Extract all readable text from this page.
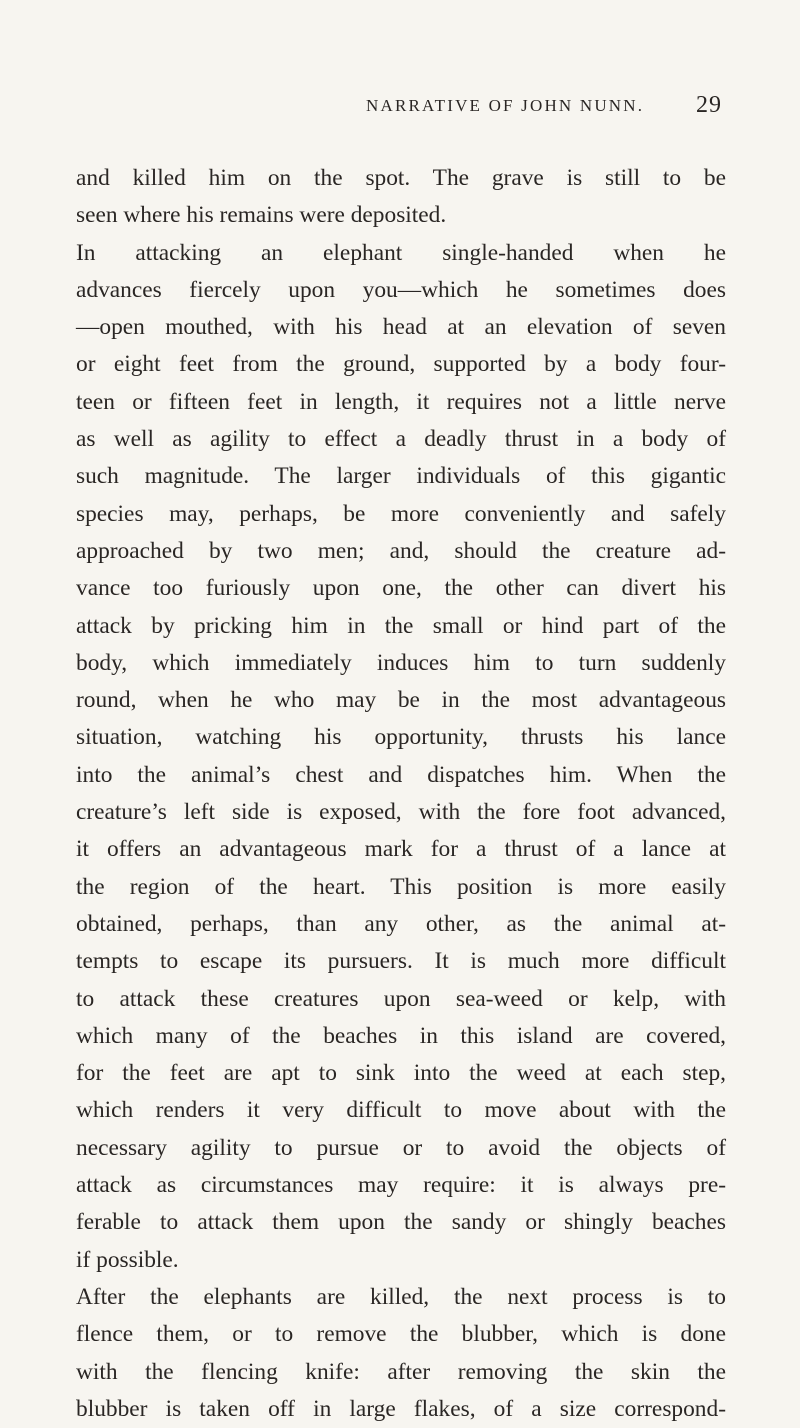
NARRATIVE OF JOHN NUNN. 29
and killed him on the spot. The grave is still to be
seen where his remains were deposited.
In attacking an elephant single-handed when he
advances fiercely upon you—which he sometimes does
—open mouthed, with his head at an elevation of seven
or eight feet from the ground, supported by a body four-
teen or fifteen feet in length, it requires not a little nerve
as well as agility to effect a deadly thrust in a body of
such magnitude. The larger individuals of this gigantic
species may, perhaps, be more conveniently and safely
approached by two men; and, should the creature ad-
vance too furiously upon one, the other can divert his
attack by pricking him in the small or hind part of the
body, which immediately induces him to turn suddenly
round, when he who may be in the most advantageous
situation, watching his opportunity, thrusts his lance
into the animal’s chest and dispatches him. When the
creature’s left side is exposed, with the fore foot advanced,
it offers an advantageous mark for a thrust of a lance at
the region of the heart. This position is more easily
obtained, perhaps, than any other, as the animal at-
tempts to escape its pursuers. It is much more difficult
to attack these creatures upon sea-weed or kelp, with
which many of the beaches in this island are covered,
for the feet are apt to sink into the weed at each step,
which renders it very difficult to move about with the
necessary agility to pursue or to avoid the objects of
attack as circumstances may require: it is always pre-
ferable to attack them upon the sandy or shingly beaches
if possible.
After the elephants are killed, the next process is to
flence them, or to remove the blubber, which is done
with the flencing knife: after removing the skin the
blubber is taken off in large flakes, of a size correspond-
